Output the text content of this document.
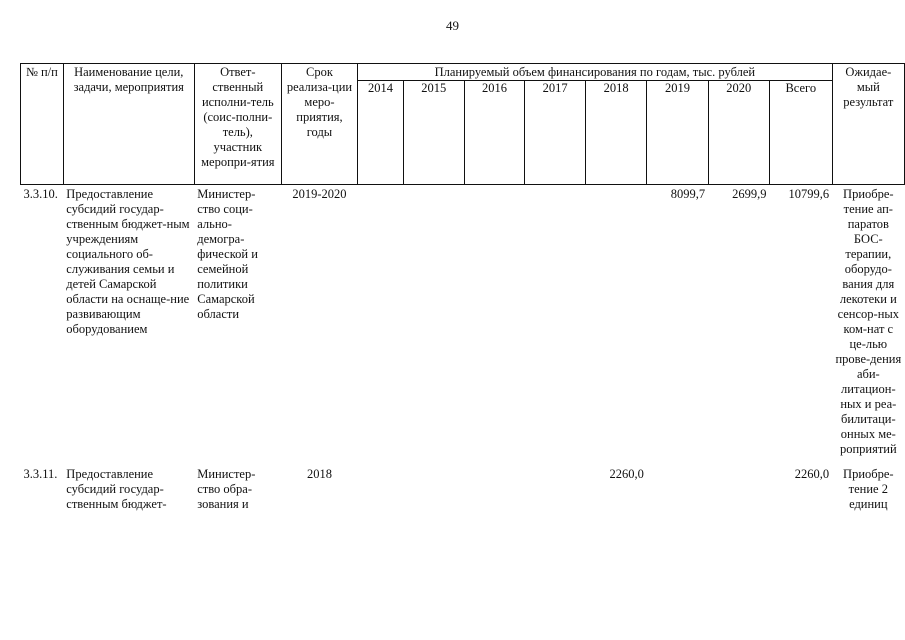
49
№ п/п	Наименование цели, задачи, мероприятия	Ответ-ственный исполни-тель (соис-полни-тель), участник меропри-ятия	Срок реализа-ции меро-приятия, годы	Планируемый объем финансирования по годам, тыс. рублей								Ожидае-мый результат
				2014	2015	2016	2017	2018	2019	2020	Всего	
3.3.10.	Предоставление субсидий государ-ственным бюджет-ным учреждениям социального об-служивания семьи и детей Самарской области на оснаще-ние развивающим оборудованием	Министер-ство соци-ально-демогра-фической и семейной политики Самарской области	2019-2020						8099,7	2699,9	10799,6	Приобре-тение ап-паратов БОС-терапии, оборудо-вания для лекотеки и сенсор-ных ком-нат с це-лью прове-дения аби-литацион-ных и реа-билитаци-онных ме-роприятий
3.3.11.	Предоставление субсидий государ-ственным бюджет-	Министер-ство обра-зования и	2018					2260,0			2260,0	Приобре-тение 2 единиц
